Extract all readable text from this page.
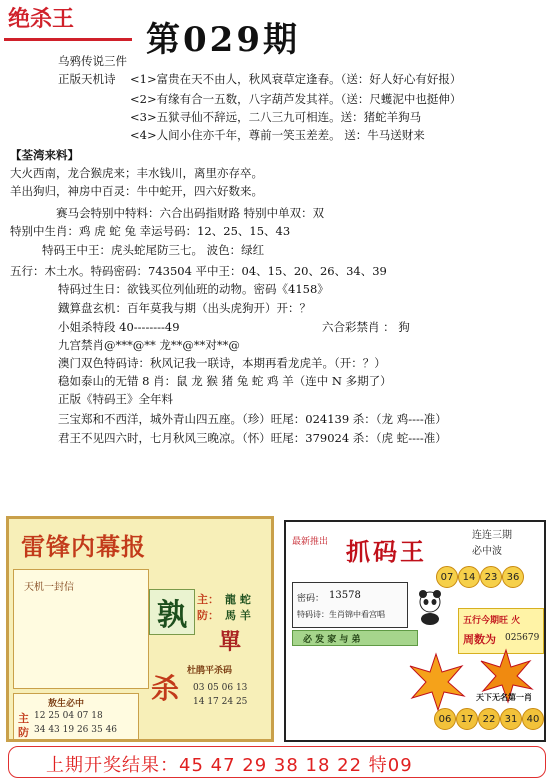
绝杀王
第029期
乌鸦传说三件
正版天机诗 <1>富贵在天不由人，秋风衰草定逢春。（送：好人好心有好报）
<2>有缘有合一五数，八字葫芦发其祥。（送：尺蠖泥中也挺伸）
<3>五狱寻仙不辞远，二八三九可相连。送：猪蛇羊狗马
<4>人间小住亦千年，尊前一笑玉差差。 送：牛马送财来
【荃湾来料】
大火西南，龙合猴虎来；丰水钱川，离里亦存卒。
羊出狗归，神房中百灵：牛中蛇开，四六好数来。
赛马会特别中特料：六合出码指财路 特别中单双：双
特别中生肖：鸡 虎 蛇 兔 幸运号码：12、25、15、43
特码王中王：虎头蛇尾防三七。 波色：绿红
五行：木土水。特码密码：743504 平中王：04、15、20、26、34、39
特码过生日：欲钱买位列仙班的动物。密码《4158》
鐡算盘玄机：百年莫我与期（出头虎狗开）开：？
小姐杀特段 40--------49	六合彩禁肖 ： 狗
九宫禁肖@***@** 龙**@**对**@
澳门双色特码诗：秋风记我一联诗，本期再看龙虎羊。（开：？）
稳如泰山的无错 8 肖：鼠 龙 猴 猪 兔 蛇 鸡 羊（连中 N 多期了）
正版《特码王》全年料
三宝郑和不西洋，城外青山四五座。（珍）旺尾：024139 杀：（龙 鸡----准）
君王不见四六时，七月秋风三晚凉。（怀）旺尾：379024 杀：（虎 蛇----准）
雷锋内幕报
天机一封信
敖生必中
主
防
12 25 04 07 18
34 43 19 26 35 46
孰 主： 龍 蛇
防： 馬 羊
單
杀
杜鹃平杀码
03 05 06 13
14 17 24 25
最新推出 抓码王
连连三期
必中波
07 14 23 36
密码： 13578
特码诗：生肖锦中看宫唱
五行今期旺 火
周数为 025679
必 发 家 与 弟
天下无名第一肖
06 17 22 31 40
上期开奖结果：45 47 29 38 18 22 特09
